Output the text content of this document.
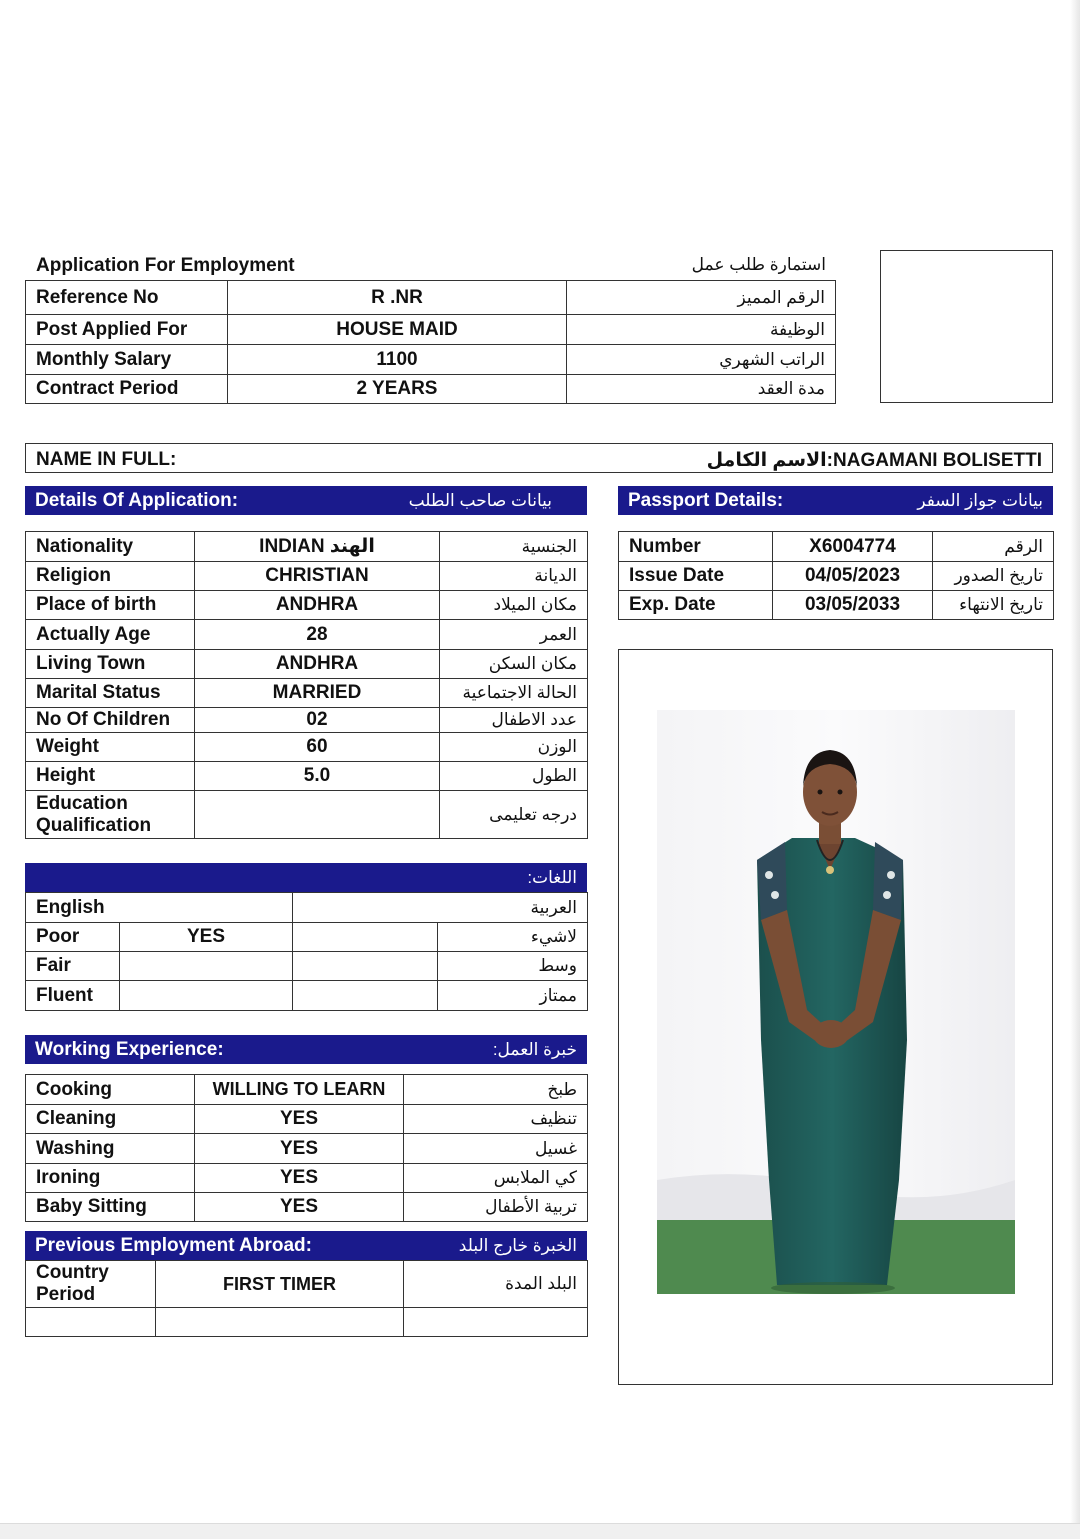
Application For Employment	استمارة طلب عمل
Reference No	R .NR	الرقم المميز
Post Applied For	HOUSE MAID	الوظيفة
Monthly Salary	1100	الراتب الشهري
Contract Period	2 YEARS	مدة العقد
NAME IN FULL:	NAGAMANI BOLISETTI:الاسم الكامل
Details Of Application:	بيانات صاحب الطلب	Passport Details:	بيانات جواز السفر
Nationality	INDIAN الهند	الجنسية
Religion	CHRISTIAN	الديانة
Place of birth	ANDHRA	مكان الميلاد
Actually Age	28	العمر
Living Town	ANDHRA	مكان السكن
Marital Status	MARRIED	الحالة الاجتماعية
No Of Children	02	عدد الاطفال
Weight	60	الوزن
Height	5.0	الطول
Education Qualification		درجه تعليمى
Number	X6004774	الرقم
Issue Date	04/05/2023	تاريخ الصدور
Exp. Date	03/05/2033	تاريخ الانتهاء
اللغات:
English		العربية	
Poor	YES		لاشيء
Fair			وسط
Fluent			ممتاز
Working Experience:	خبرة العمل:
Cooking	WILLING TO LEARN	طبخ
Cleaning	YES	تنظيف
Washing	YES	غسيل
Ironing	YES	كي الملابس
Baby Sitting	YES	تربية الأطفال
Previous Employment Abroad:	الخبرة خارج البلد
Country Period	FIRST TIMER	البلد المدة
